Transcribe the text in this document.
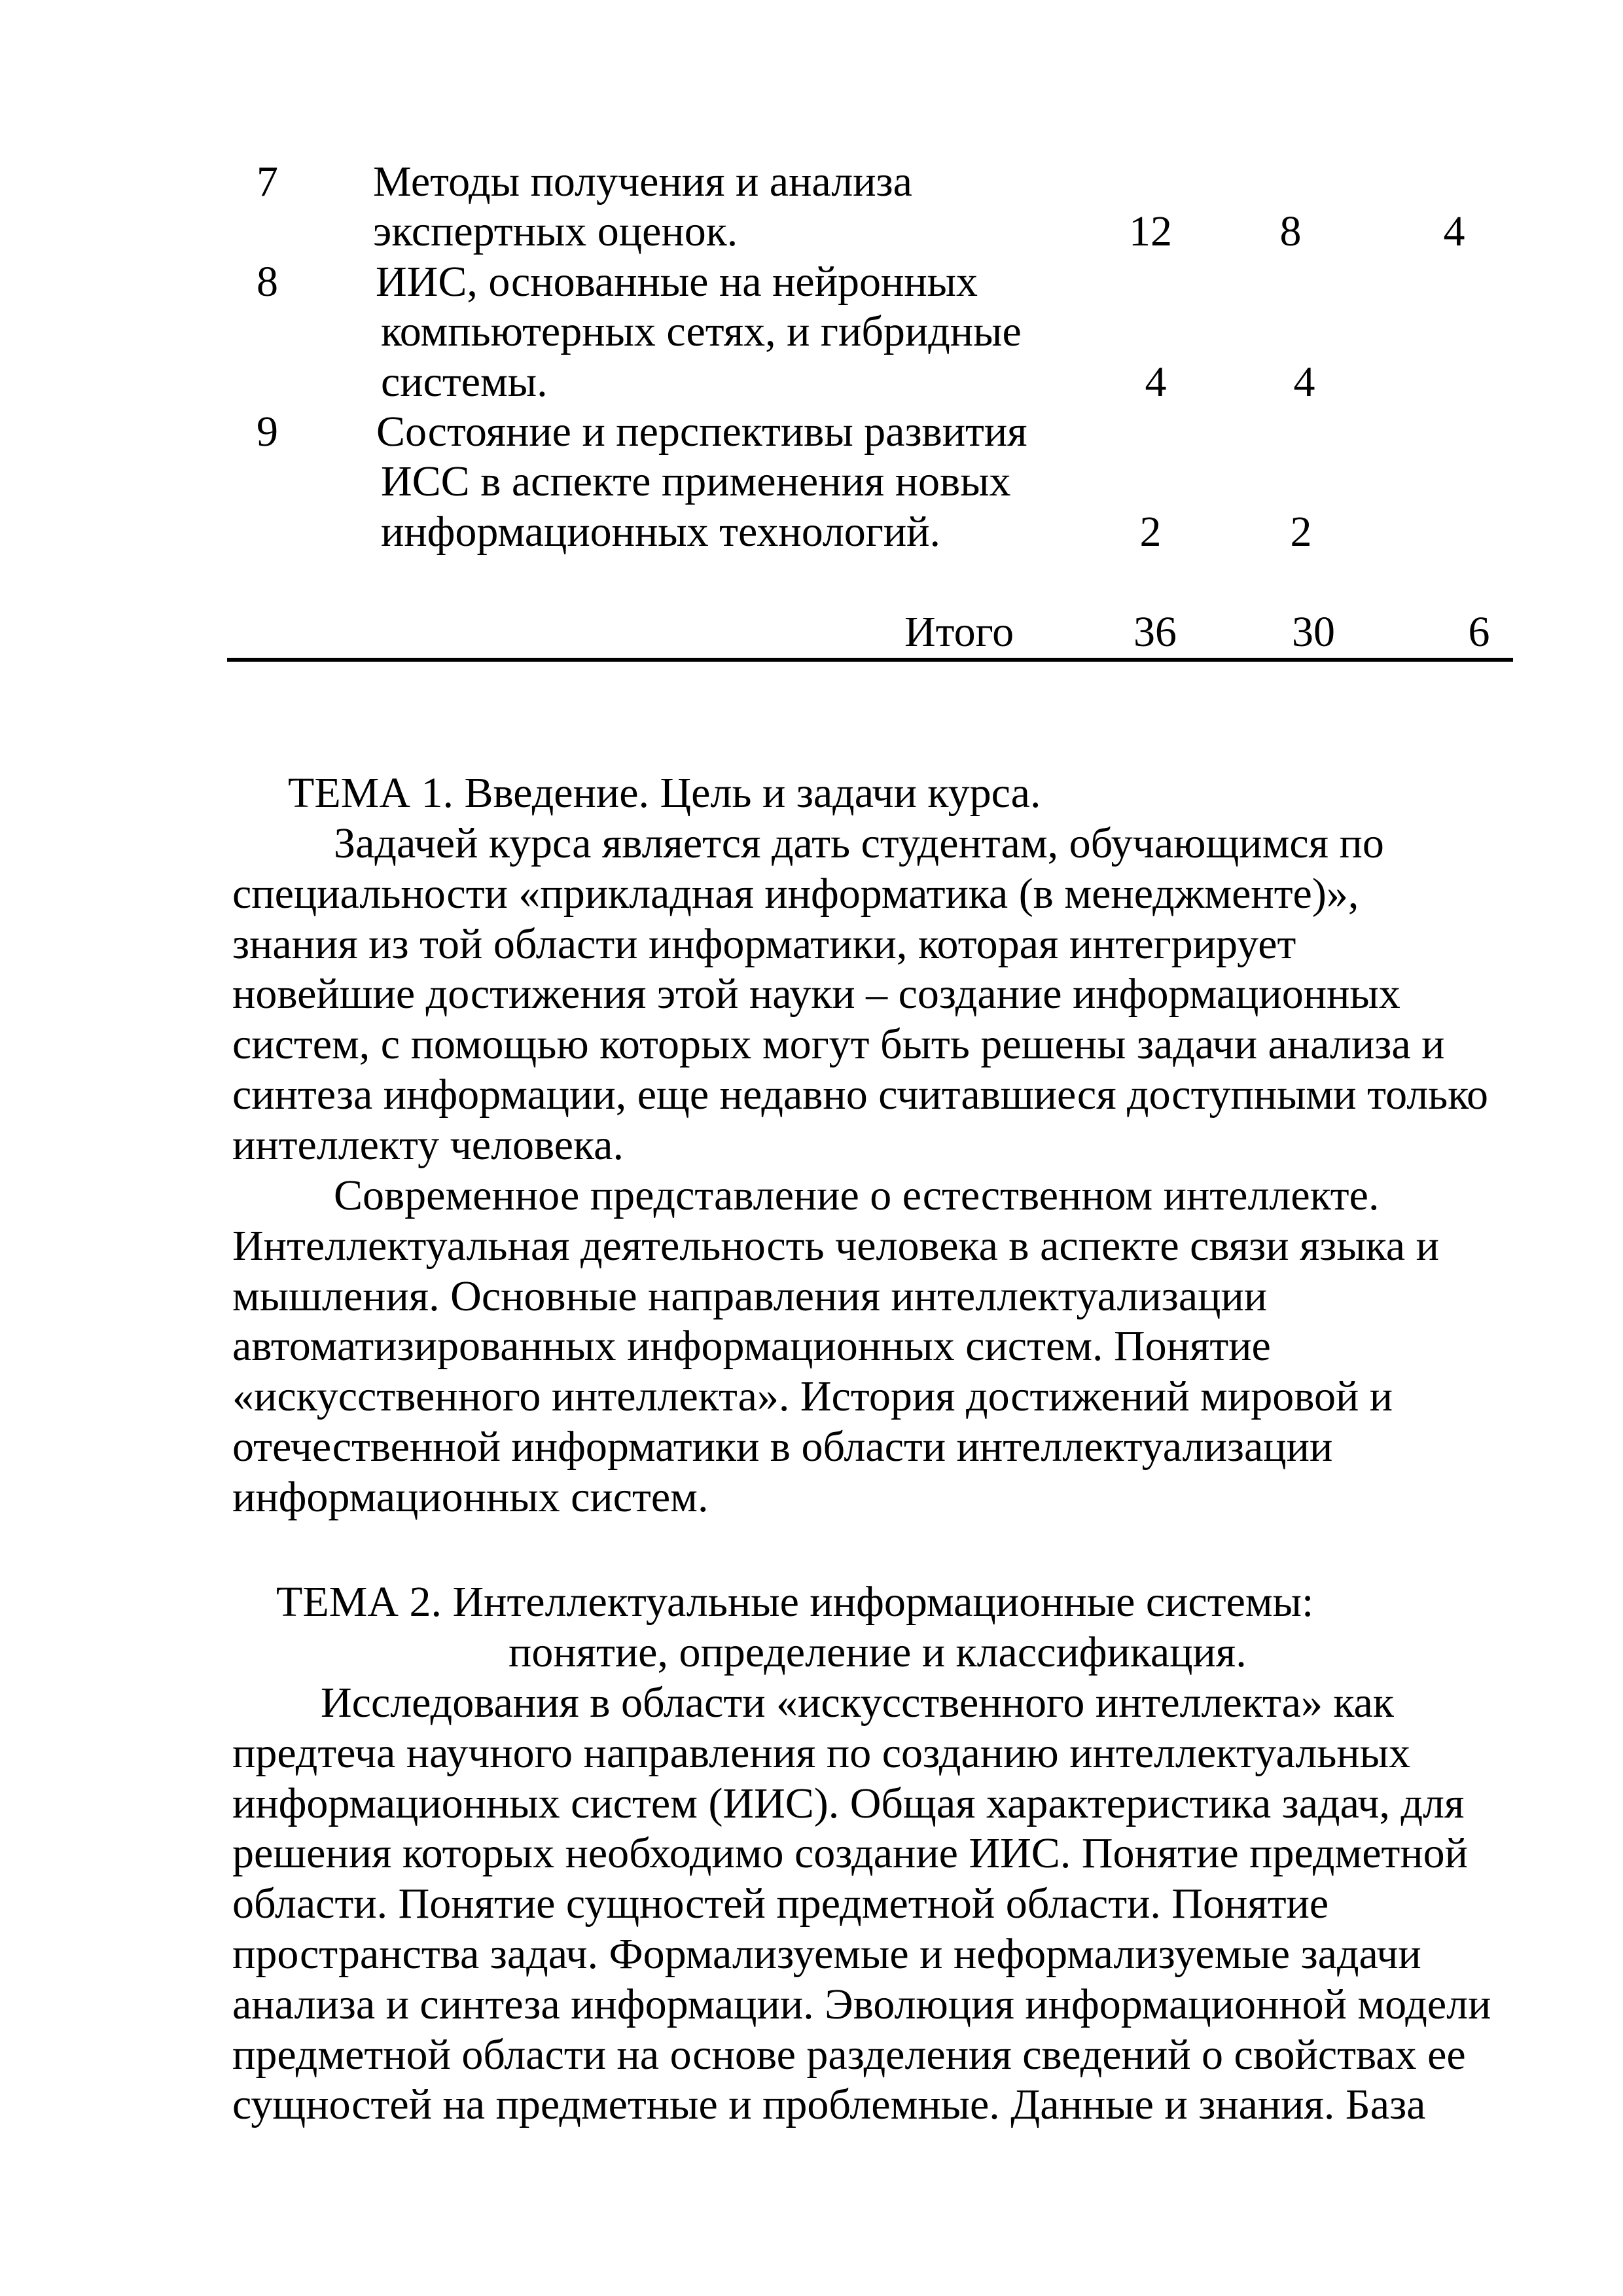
7 Методы получения и анализа
экспертных оценок.	12	8	4
8 ИИС, основанные на нейронных
компьютерных сетях, и гибридные
системы.	4	4
9 Состояние и перспективы развития
ИСС в аспекте применения новых
информационных технологий.	2	2
Итого	36	30	6
ТЕМА 1. Введение. Цель и задачи курса.
Задачей курса является дать студентам, обучающимся по
специальности «прикладная информатика (в менеджменте)»,
знания из той области информатики, которая интегрирует
новейшие достижения этой науки – создание информационных
систем, с помощью которых могут быть решены задачи анализа и
синтеза информации, еще недавно считавшиеся доступными только
интеллекту человека.
Современное представление о естественном интеллекте.
Интеллектуальная деятельность человека в аспекте связи языка и
мышления. Основные направления интеллектуализации
автоматизированных информационных систем. Понятие
«искусственного интеллекта». История достижений мировой и
отечественной информатики в области интеллектуализации
информационных систем.
ТЕМА 2. Интеллектуальные информационные системы:
понятие, определение и классификация.
Исследования в области «искусственного интеллекта» как
предтеча научного направления по созданию интеллектуальных
информационных систем (ИИС). Общая характеристика задач, для
решения которых необходимо создание ИИС. Понятие предметной
области. Понятие сущностей предметной области. Понятие
пространства задач. Формализуемые и неформализуемые задачи
анализа и синтеза информации. Эволюция информационной модели
предметной области на основе разделения сведений о свойствах ее
сущностей на предметные и проблемные. Данные и знания. База
